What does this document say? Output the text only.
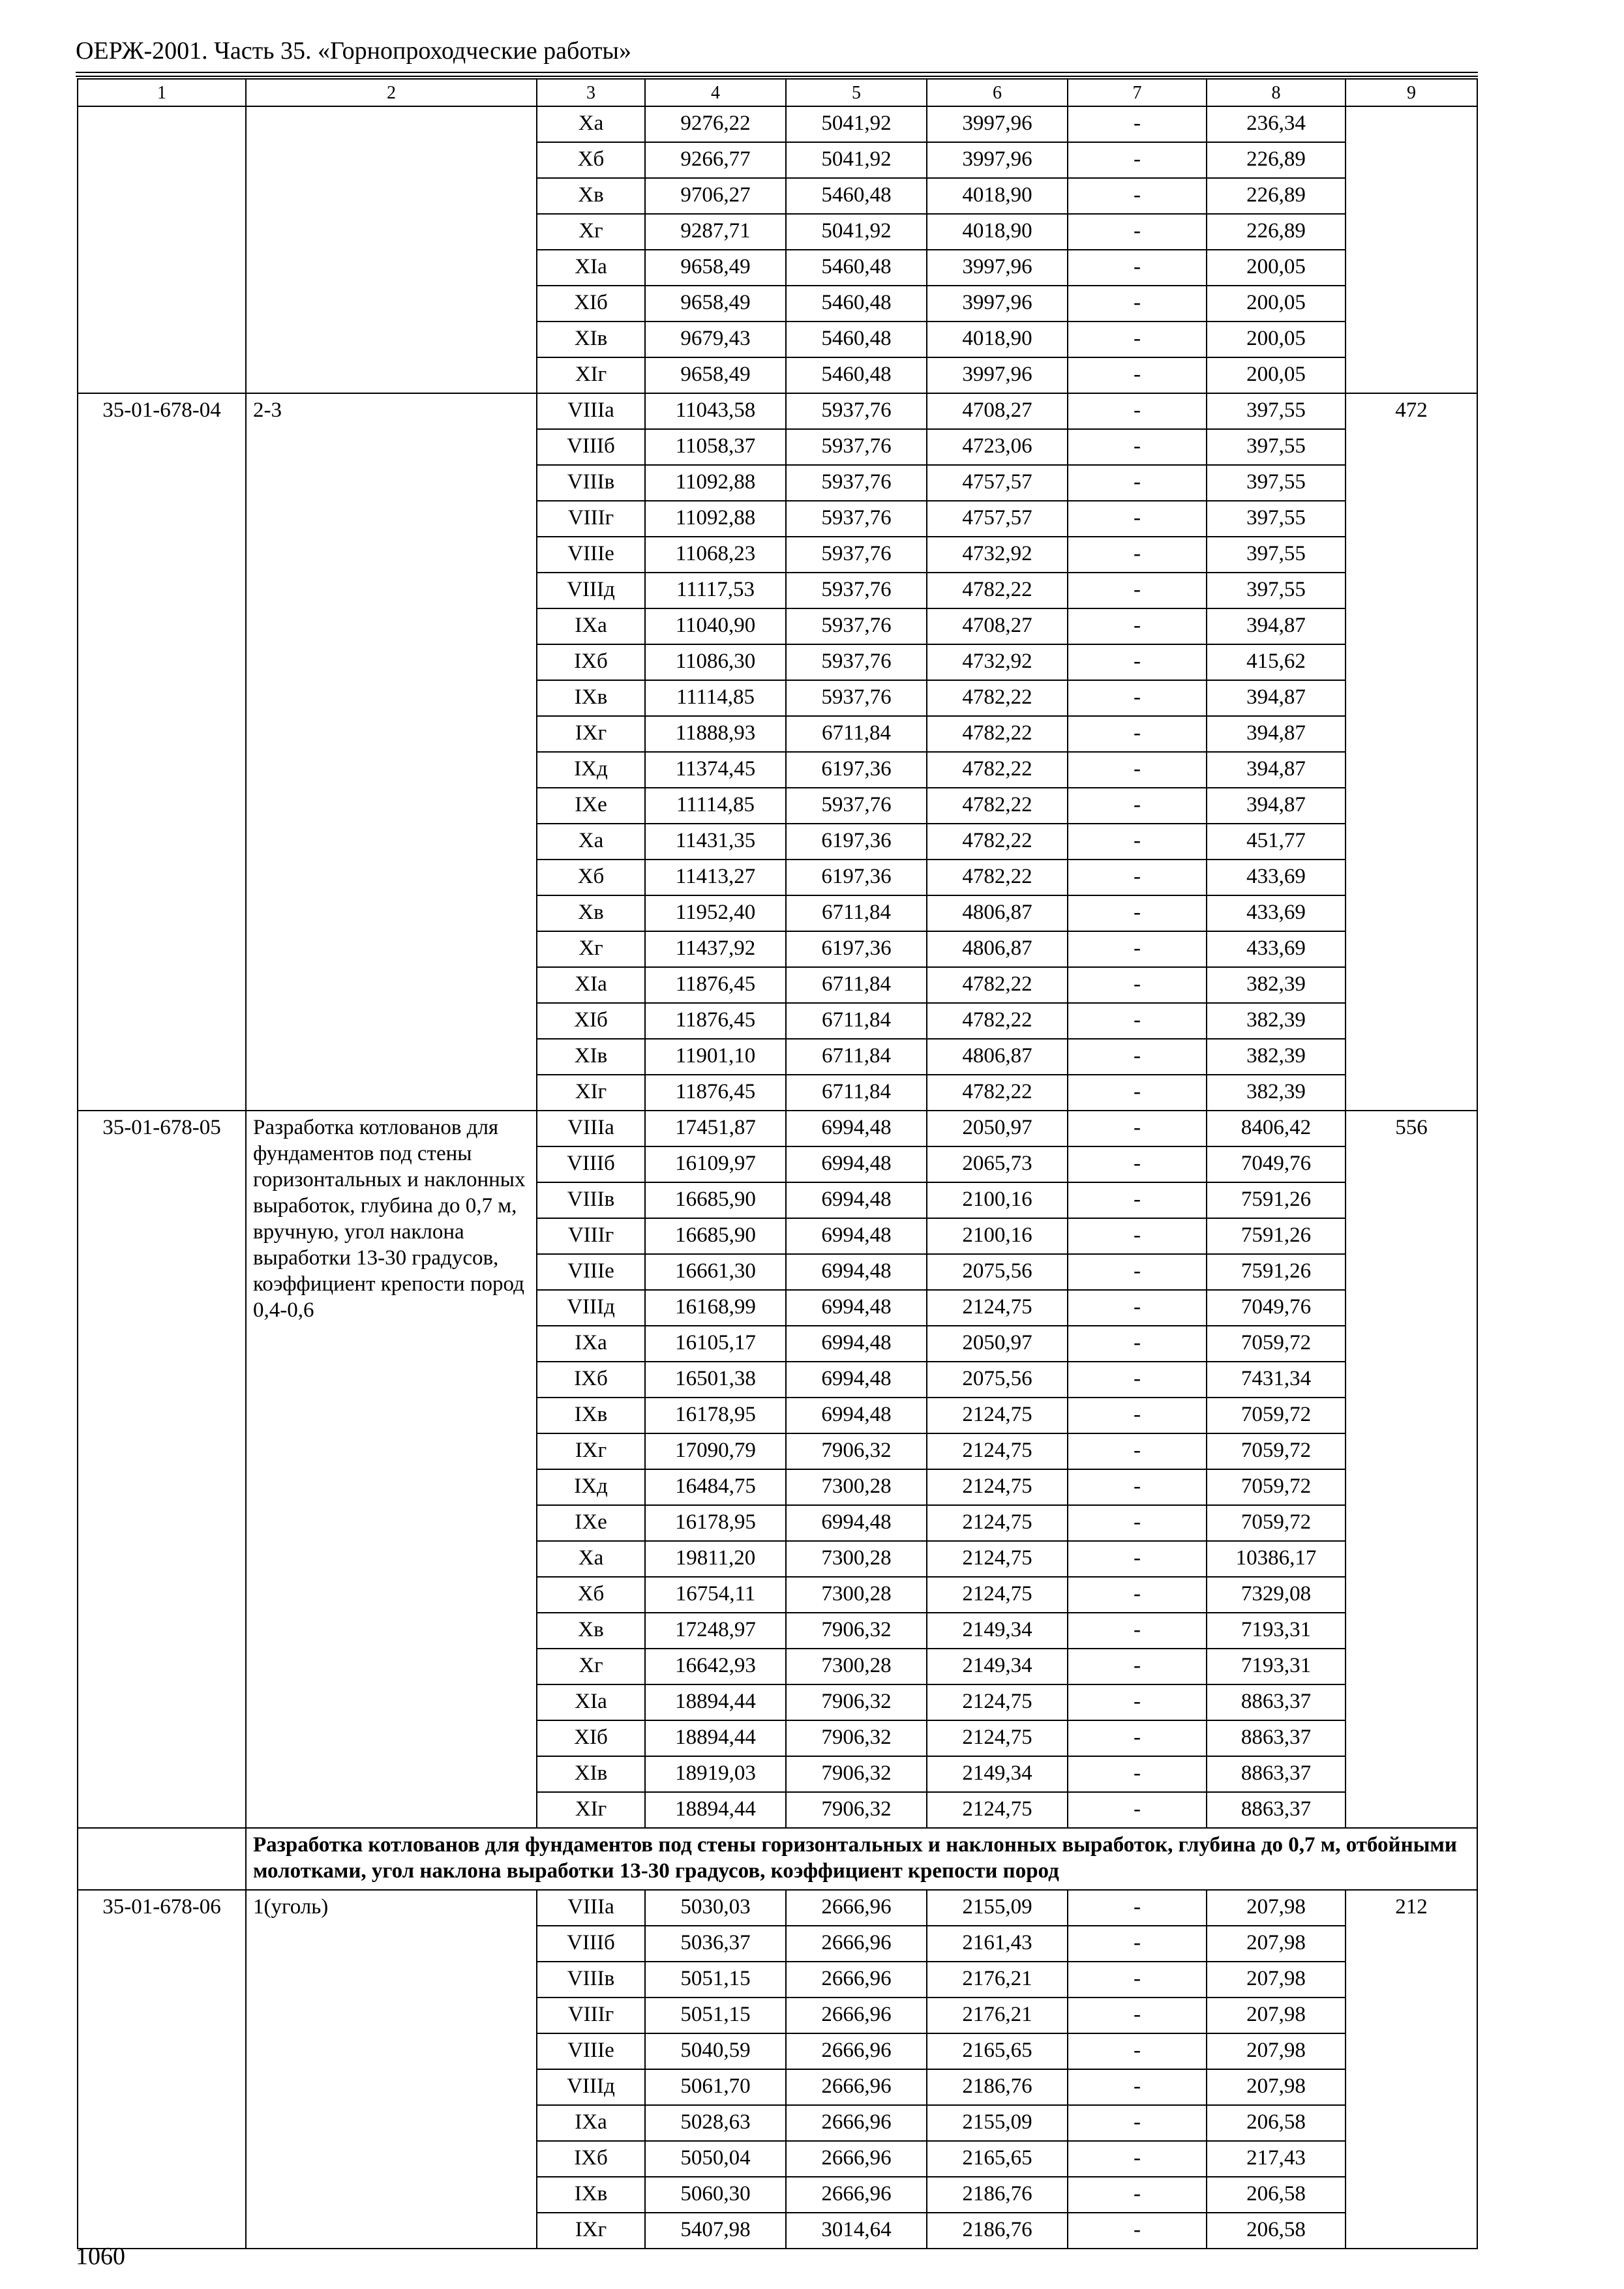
ОЕРЖ-2001. Часть 35. «Горнопроходческие работы»
1	2	3	4	5	6	7	8	9
		Xa	9276,22	5041,92	3997,96	-	236,34	
		Xб	9266,77	5041,92	3997,96	-	226,89	
		Xв	9706,27	5460,48	4018,90	-	226,89	
		Xг	9287,71	5041,92	4018,90	-	226,89	
		XIa	9658,49	5460,48	3997,96	-	200,05	
		XIб	9658,49	5460,48	3997,96	-	200,05	
		XIв	9679,43	5460,48	4018,90	-	200,05	
		XIг	9658,49	5460,48	3997,96	-	200,05	
35-01-678-04	2-3	VIIIa	11043,58	5937,76	4708,27	-	397,55	472
		VIIIб	11058,37	5937,76	4723,06	-	397,55	
		VIIIв	11092,88	5937,76	4757,57	-	397,55	
		VIIIг	11092,88	5937,76	4757,57	-	397,55	
		VIIIe	11068,23	5937,76	4732,92	-	397,55	
		VIIIд	11117,53	5937,76	4782,22	-	397,55	
		IXa	11040,90	5937,76	4708,27	-	394,87	
		IXб	11086,30	5937,76	4732,92	-	415,62	
		IXв	11114,85	5937,76	4782,22	-	394,87	
		IXг	11888,93	6711,84	4782,22	-	394,87	
		IXд	11374,45	6197,36	4782,22	-	394,87	
		IXe	11114,85	5937,76	4782,22	-	394,87	
		Xa	11431,35	6197,36	4782,22	-	451,77	
		Xб	11413,27	6197,36	4782,22	-	433,69	
		Xв	11952,40	6711,84	4806,87	-	433,69	
		Xг	11437,92	6197,36	4806,87	-	433,69	
		XIa	11876,45	6711,84	4782,22	-	382,39	
		XIб	11876,45	6711,84	4782,22	-	382,39	
		XIв	11901,10	6711,84	4806,87	-	382,39	
		XIг	11876,45	6711,84	4782,22	-	382,39	
35-01-678-05	Разработка котлованов для фундаментов под стены горизонтальных и наклонных выработок, глубина до 0,7 м, вручную, угол наклона выработки 13-30 градусов, коэффициент крепости пород 0,4-0,6	VIIIa	17451,87	6994,48	2050,97	-	8406,42	556
		VIIIб	16109,97	6994,48	2065,73	-	7049,76	
		VIIIв	16685,90	6994,48	2100,16	-	7591,26	
		VIIIг	16685,90	6994,48	2100,16	-	7591,26	
		VIIIe	16661,30	6994,48	2075,56	-	7591,26	
		VIIIд	16168,99	6994,48	2124,75	-	7049,76	
		IXa	16105,17	6994,48	2050,97	-	7059,72	
		IXб	16501,38	6994,48	2075,56	-	7431,34	
		IXв	16178,95	6994,48	2124,75	-	7059,72	
		IXг	17090,79	7906,32	2124,75	-	7059,72	
		IXд	16484,75	7300,28	2124,75	-	7059,72	
		IXe	16178,95	6994,48	2124,75	-	7059,72	
		Xa	19811,20	7300,28	2124,75	-	10386,17	
		Xб	16754,11	7300,28	2124,75	-	7329,08	
		Xв	17248,97	7906,32	2149,34	-	7193,31	
		Xг	16642,93	7300,28	2149,34	-	7193,31	
		XIa	18894,44	7906,32	2124,75	-	8863,37	
		XIб	18894,44	7906,32	2124,75	-	8863,37	
		XIв	18919,03	7906,32	2149,34	-	8863,37	
		XIг	18894,44	7906,32	2124,75	-	8863,37	
	Разработка котлованов для фундаментов под стены горизонтальных и наклонных выработок, глубина до 0,7 м, отбойными молотками, угол наклона выработки 13-30 градусов, коэффициент крепости пород							
35-01-678-06	1(уголь)	VIIIa	5030,03	2666,96	2155,09	-	207,98	212
		VIIIб	5036,37	2666,96	2161,43	-	207,98	
		VIIIв	5051,15	2666,96	2176,21	-	207,98	
		VIIIг	5051,15	2666,96	2176,21	-	207,98	
		VIIIe	5040,59	2666,96	2165,65	-	207,98	
		VIIIд	5061,70	2666,96	2186,76	-	207,98	
		IXa	5028,63	2666,96	2155,09	-	206,58	
		IXб	5050,04	2666,96	2165,65	-	217,43	
		IXв	5060,30	2666,96	2186,76	-	206,58	
		IXг	5407,98	3014,64	2186,76	-	206,58	
1060
